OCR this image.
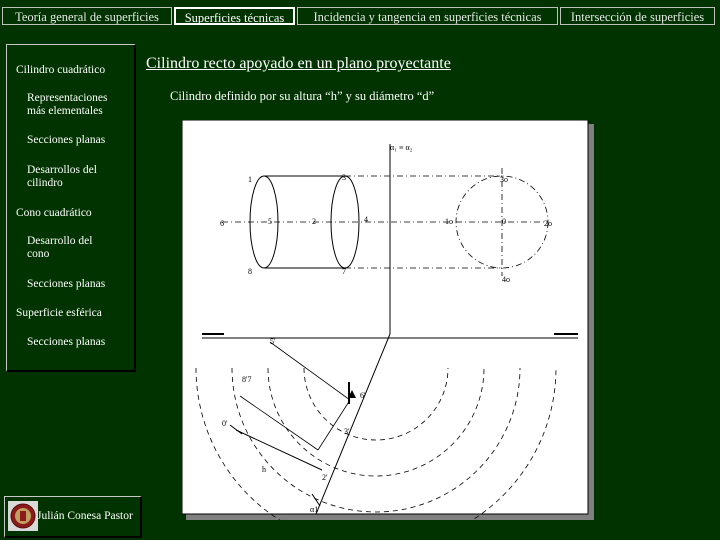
Teoría general de superficies	Superficies técnicas	Incidencia y tangencia en superficies técnicas	Intersección de superficies
Cilindro cuadrático
Representaciones más elementales
Secciones planas
Desarrollos del cilindro
Cono cuadrático
Desarrollo del cono
Secciones planas
Superficie esférica
Secciones planas
Cilindro recto apoyado en un plano proyectante
Cilindro definido por su altura “h” y su diámetro “d”
α₁ ≡ α₂
1	3
6	5	2	4
8	7
3o
1o	0	2o
4o
5'
8'7
0'
6'
3'
2'
h
α1
Julián Conesa Pastor
